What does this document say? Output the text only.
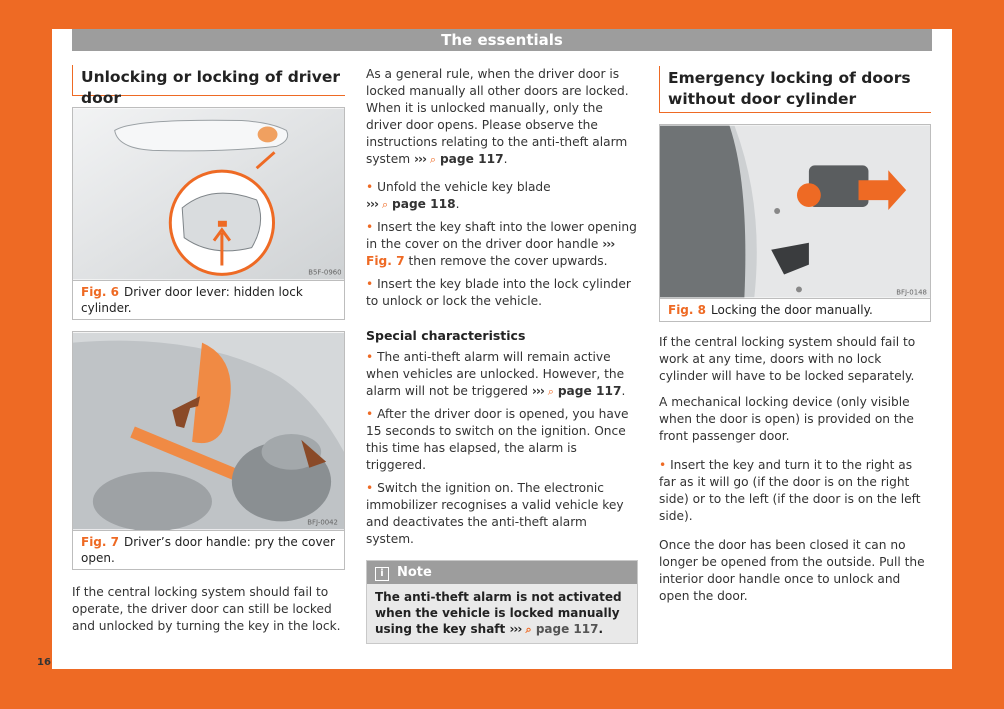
The essentials
16
Unlocking or locking of driver door
B5F-0960
Fig. 6 Driver door lever: hidden lock cylinder.
BFJ-0042
Fig. 7 Driver’s door handle: pry the cover open.

If the central locking system should fail to operate, the driver door can still be locked and unlocked by turning the key in the lock.

As a general rule, when the driver door is locked manually all other doors are locked. When it is unlocked manually, only the driver door opens. Please observe the instructions relating to the anti-theft alarm system ››› ⌕ page 117.

• Unfold the vehicle key blade
››› ⌕ page 118.

• Insert the key shaft into the lower opening in the cover on the driver door handle ››› Fig. 7 then remove the cover upwards.

• Insert the key blade into the lock cylinder to unlock or lock the vehicle.

Special characteristics

• The anti-theft alarm will remain active when vehicles are unlocked. However, the alarm will not be triggered ››› ⌕ page 117.

• After the driver door is opened, you have 15 seconds to switch on the ignition. Once this time has elapsed, the alarm is triggered.

• Switch the ignition on. The electronic immobilizer recognises a valid vehicle key and deactivates the anti-theft alarm system.

i Note
The anti-theft alarm is not activated when the vehicle is locked manually using the key shaft ››› ⌕ page 117.
Emergency locking of doors without door cylinder
BFJ-0148
Fig. 8 Locking the door manually.

If the central locking system should fail to work at any time, doors with no lock cylinder will have to be locked separately.

A mechanical locking device (only visible when the door is open) is provided on the front passenger door.

• Insert the key and turn it to the right as far as it will go (if the door is on the right side) or to the left (if the door is on the left side).

Once the door has been closed it can no longer be opened from the outside. Pull the interior door handle once to unlock and open the door.
